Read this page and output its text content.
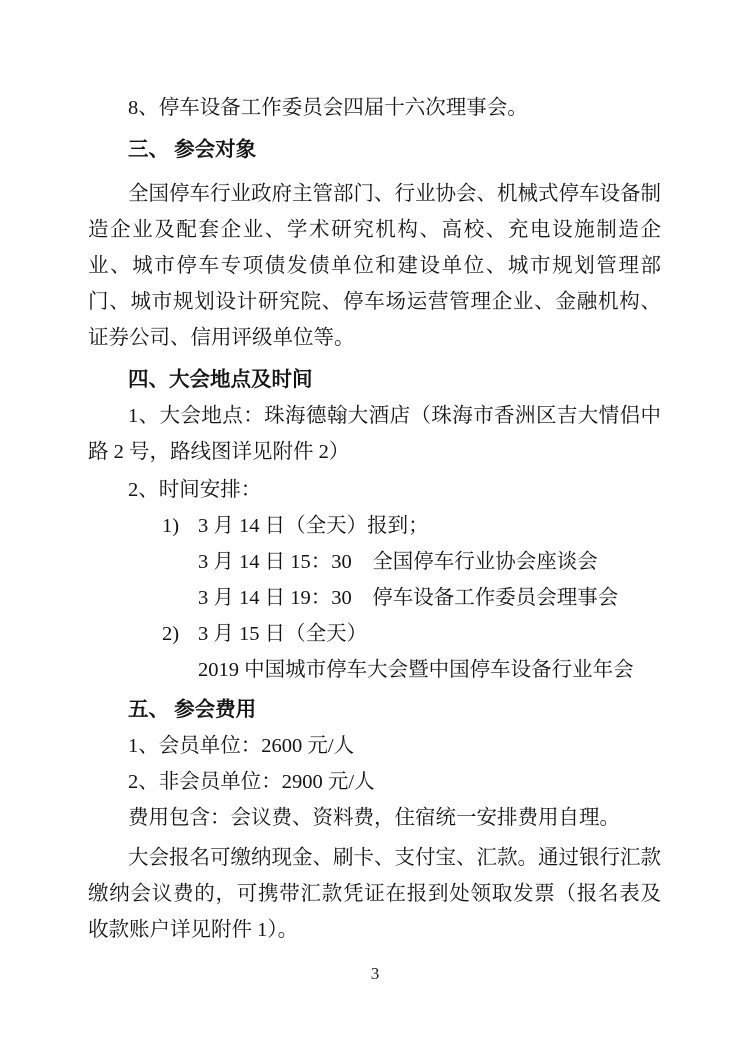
8、停车设备工作委员会四届十六次理事会。

三、 参会对象

全国停车行业政府主管部门、行业协会、机械式停车设备制造企业及配套企业、学术研究机构、高校、充电设施制造企业、城市停车专项债发债单位和建设单位、城市规划管理部门、城市规划设计研究院、停车场运营管理企业、金融机构、证券公司、信用评级单位等。

四、大会地点及时间

1、大会地点：珠海德翰大酒店（珠海市香洲区吉大情侣中路 2 号，路线图详见附件 2）

2、时间安排：

1) 3 月 14 日（全天）报到；
3 月 14 日 15：30　全国停车行业协会座谈会
3 月 14 日 19：30　停车设备工作委员会理事会
2) 3 月 15 日（全天）
2019 中国城市停车大会暨中国停车设备行业年会
五、 参会费用

1、会员单位：2600 元/人

2、非会员单位：2900 元/人

费用包含：会议费、资料费，住宿统一安排费用自理。

大会报名可缴纳现金、刷卡、支付宝、汇款。通过银行汇款缴纳会议费的，可携带汇款凭证在报到处领取发票（报名表及收款账户详见附件 1）。

3
